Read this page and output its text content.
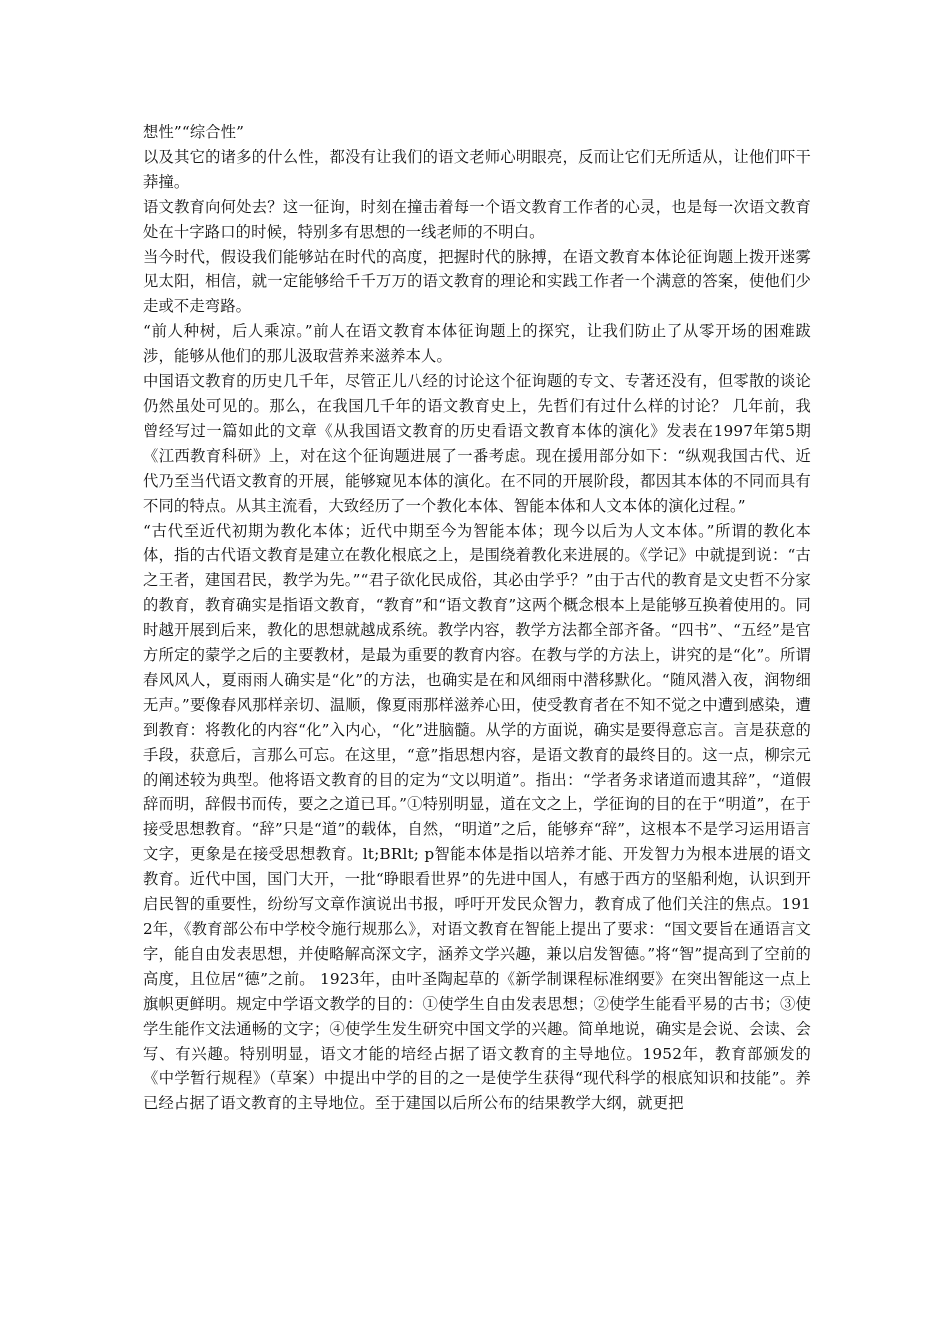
想性”“综合性”

以及其它的诸多的什么性，都没有让我们的语文老师心明眼亮，反而让它们无所适从，让他们吓干莽撞。

语文教育向何处去？这一征询，时刻在撞击着每一个语文教育工作者的心灵，也是每一次语文教育处在十字路口的时候，特别多有思想的一线老师的不明白。

当今时代，假设我们能够站在时代的高度，把握时代的脉搏，在语文教育本体论征询题上拨开迷雾见太阳，相信，就一定能够给千千万万的语文教育的理论和实践工作者一个满意的答案，使他们少走或不走弯路。

“前人种树，后人乘凉。”前人在语文教育本体征询题上的探究，让我们防止了从零开场的困难跋涉，能够从他们的那儿汲取营养来滋养本人。

中国语文教育的历史几千年，尽管正儿八经的讨论这个征询题的专文、专著还没有，但零散的谈论仍然虽处可见的。那么，在我国几千年的语文教育史上，先哲们有过什么样的讨论？ 几年前，我曾经写过一篇如此的文章《从我国语文教育的历史看语文教育本体的演化》发表在1997年第5期《江西教育科研》上，对在这个征询题进展了一番考虑。现在援用部分如下：“纵观我国古代、近代乃至当代语文教育的开展，能够窥见本体的演化。在不同的开展阶段，都因其本体的不同而具有不同的特点。从其主流看，大致经历了一个教化本体、智能本体和人文本体的演化过程。”

“古代至近代初期为教化本体；近代中期至今为智能本体；现今以后为人文本体。”所谓的教化本体，指的古代语文教育是建立在教化根底之上，是围绕着教化来进展的。《学记》中就提到说：“古之王者，建国君民，教学为先。”“君子欲化民成俗，其必由学乎？”由于古代的教育是文史哲不分家的教育，教育确实是指语文教育，“教育”和“语文教育”这两个概念根本上是能够互换着使用的。同时越开展到后来，教化的思想就越成系统。教学内容，教学方法都全部齐备。“四书”、“五经”是官方所定的蒙学之后的主要教材，是最为重要的教育内容。在教与学的方法上，讲究的是“化”。所谓春风风人，夏雨雨人确实是“化”的方法，也确实是在和风细雨中潜移默化。“随风潜入夜，润物细无声。”要像春风那样亲切、温顺，像夏雨那样滋养心田，使受教育者在不知不觉之中遭到感染，遭到教育：将教化的内容“化”入内心，“化”进脑髓。从学的方面说，确实是要得意忘言。言是获意的手段，获意后，言那么可忘。在这里，“意”指思想内容，是语文教育的最终目的。这一点，柳宗元的阐述较为典型。他将语文教育的目的定为“文以明道”。指出：“学者务求诸道而遗其辞”，“道假辞而明，辞假书而传，要之之道已耳。”①特别明显，道在文之上，学征询的目的在于“明道”，在于接受思想教育。“辞”只是“道”的载体，自然，“明道”之后，能够弃“辞”，这根本不是学习运用语言文字，更象是在接受思想教育。lt;BRlt; p智能本体是指以培养才能、开发智力为根本进展的语文教育。近代中国，国门大开，一批“睁眼看世界”的先进中国人，有感于西方的坚船利炮，认识到开启民智的重要性，纷纷写文章作演说出书报，呼吁开发民众智力，教育成了他们关注的焦点。1912年，《教育部公布中学校令施行规那么》，对语文教育在智能上提出了要求：“国文要旨在通语言文字，能自由发表思想，并使略解高深文字，涵养文学兴趣，兼以启发智德。”将“智”提高到了空前的高度，且位居“德”之前。 1923年，由叶圣陶起草的《新学制课程标准纲要》在突出智能这一点上旗帜更鲜明。规定中学语文教学的目的：①使学生自由发表思想；②使学生能看平易的古书；③使学生能作文法通畅的文字；④使学生发生研究中国文学的兴趣。简单地说，确实是会说、会读、会写、有兴趣。特别明显，语文才能的培经占据了语文教育的主导地位。1952年，教育部颁发的《中学暂行规程》（草案）中提出中学的目的之一是使学生获得“现代科学的根底知识和技能”。养已经占据了语文教育的主导地位。至于建国以后所公布的结果教学大纲，就更把
